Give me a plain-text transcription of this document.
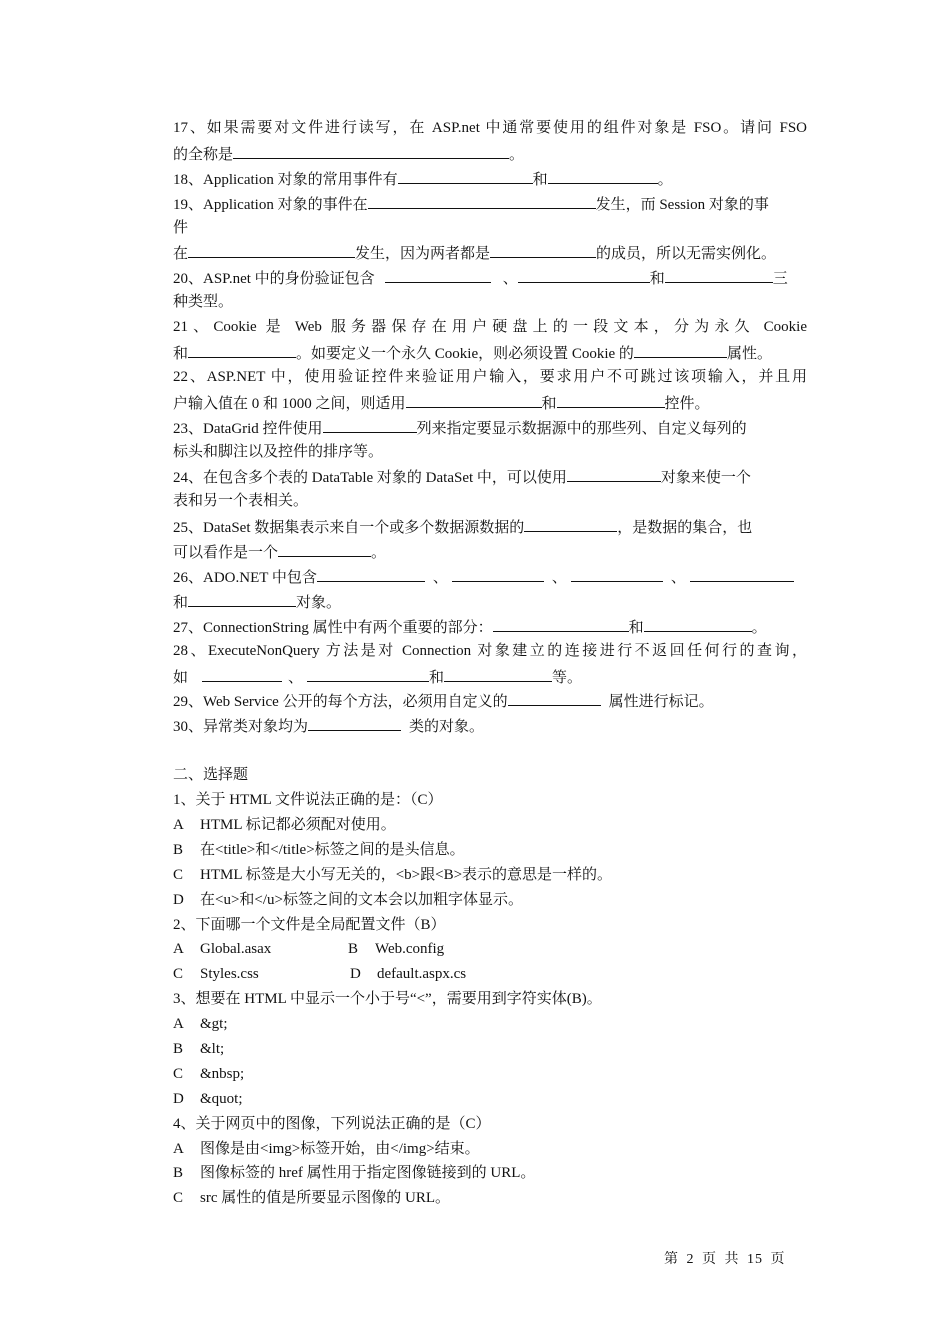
17、如果需要对文件进行读写，在 ASP.net 中通常要使用的组件对象是 FSO。请问 FSO
的全称是	。
18、Application 对象的常用事件有	和	。
19、Application 对象的事件在	发生，而 Session 对象的事
件
在	发生，因为两者都是	的成员，所以无需实例化。
20、ASP.net 中的身份验证包含	、	和	三
种类型。
21、Cookie 是 Web 服务器保存在用户硬盘上的一段文本，分为永久 Cookie
和	。如要定义一个永久 Cookie，则必须设置 Cookie 的	属性。
22、ASP.NET 中，使用验证控件来验证用户输入，要求用户不可跳过该项输入，并且用
户输入值在 0 和 1000 之间，则适用	和	控件。
23、DataGrid 控件使用	列来指定要显示数据源中的那些列、自定义每列的
标头和脚注以及控件的排序等。
24、在包含多个表的 DataTable 对象的 DataSet 中，可以使用	对象来使一个
表和另一个表相关。
25、DataSet 数据集表示来自一个或多个数据源数据的	，是数据的集合，也
可以看作是一个	。
26、ADO.NET 中包含	、	、	、
和	对象。
27、ConnectionString 属性中有两个重要的部分：	和	。
28、ExecuteNonQuery 方法是对 Connection 对象建立的连接进行不返回任何行的查询，
如	、	和	等。
29、Web Service 公开的每个方法，必须用自定义的	属性进行标记。
30、异常类对象均为	类的对象。
二、选择题
1、关于 HTML 文件说法正确的是：（C）
A HTML 标记都必须配对使用。
B 在<title>和</title>标签之间的是头信息。
C HTML 标签是大小写无关的，<b>跟<B>表示的意思是一样的。
D 在<u>和</u>标签之间的文本会以加粗字体显示。
2、下面哪一个文件是全局配置文件（B）
A Global.asax	B Web.config
C Styles.css	D default.aspx.cs
3、想要在 HTML 中显示一个小于号“<”，需要用到字符实体(B)。
A &gt;
B &lt;
C &nbsp;
D &quot;
4、关于网页中的图像，下列说法正确的是（C）
A 图像是由<img>标签开始，由</img>结束。
B 图像标签的 href 属性用于指定图像链接到的 URL。
C src 属性的值是所要显示图像的 URL。
第 2 页 共 15 页
